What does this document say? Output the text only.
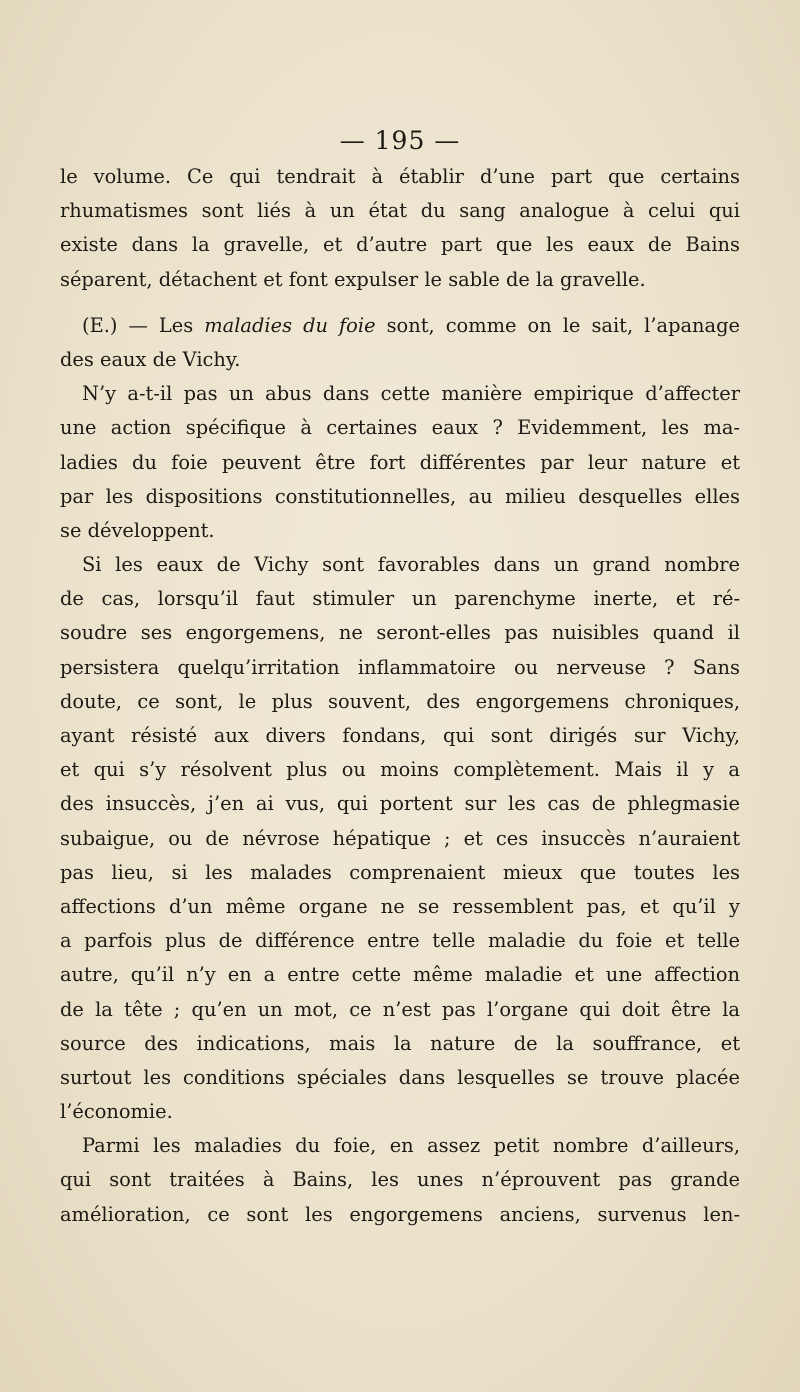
— 195 —
le volume. Ce qui tendrait à établir d’une part que certains
rhumatismes sont liés à un état du sang analogue à celui qui
existe dans la gravelle, et d’autre part que les eaux de Bains
séparent, détachent et font expulser le sable de la gravelle.
(E.) — Les maladies du foie sont, comme on le sait, l’apanage
des eaux de Vichy.
N’y a-t-il pas un abus dans cette manière empirique d’affecter
une action spécifique à certaines eaux ? Evidemment, les ma-
ladies du foie peuvent être fort différentes par leur nature et
par les dispositions constitutionnelles, au milieu desquelles elles
se développent.
Si les eaux de Vichy sont favorables dans un grand nombre
de cas, lorsqu’il faut stimuler un parenchyme inerte, et ré-
soudre ses engorgemens, ne seront-elles pas nuisibles quand il
persistera quelqu’irritation inflammatoire ou nerveuse ? Sans
doute, ce sont, le plus souvent, des engorgemens chroniques,
ayant résisté aux divers fondans, qui sont dirigés sur Vichy,
et qui s’y résolvent plus ou moins complètement. Mais il y a
des insuccès, j’en ai vus, qui portent sur les cas de phlegmasie
subaigue, ou de névrose hépatique ; et ces insuccès n’auraient
pas lieu, si les malades comprenaient mieux que toutes les
affections d’un même organe ne se ressemblent pas, et qu’il y
a parfois plus de différence entre telle maladie du foie et telle
autre, qu’il n’y en a entre cette même maladie et une affection
de la tête ; qu’en un mot, ce n’est pas l’organe qui doit être la
source des indications, mais la nature de la souffrance, et
surtout les conditions spéciales dans lesquelles se trouve placée
l’économie.
Parmi les maladies du foie, en assez petit nombre d’ailleurs,
qui sont traitées à Bains, les unes n’éprouvent pas grande
amélioration, ce sont les engorgemens anciens, survenus len-
